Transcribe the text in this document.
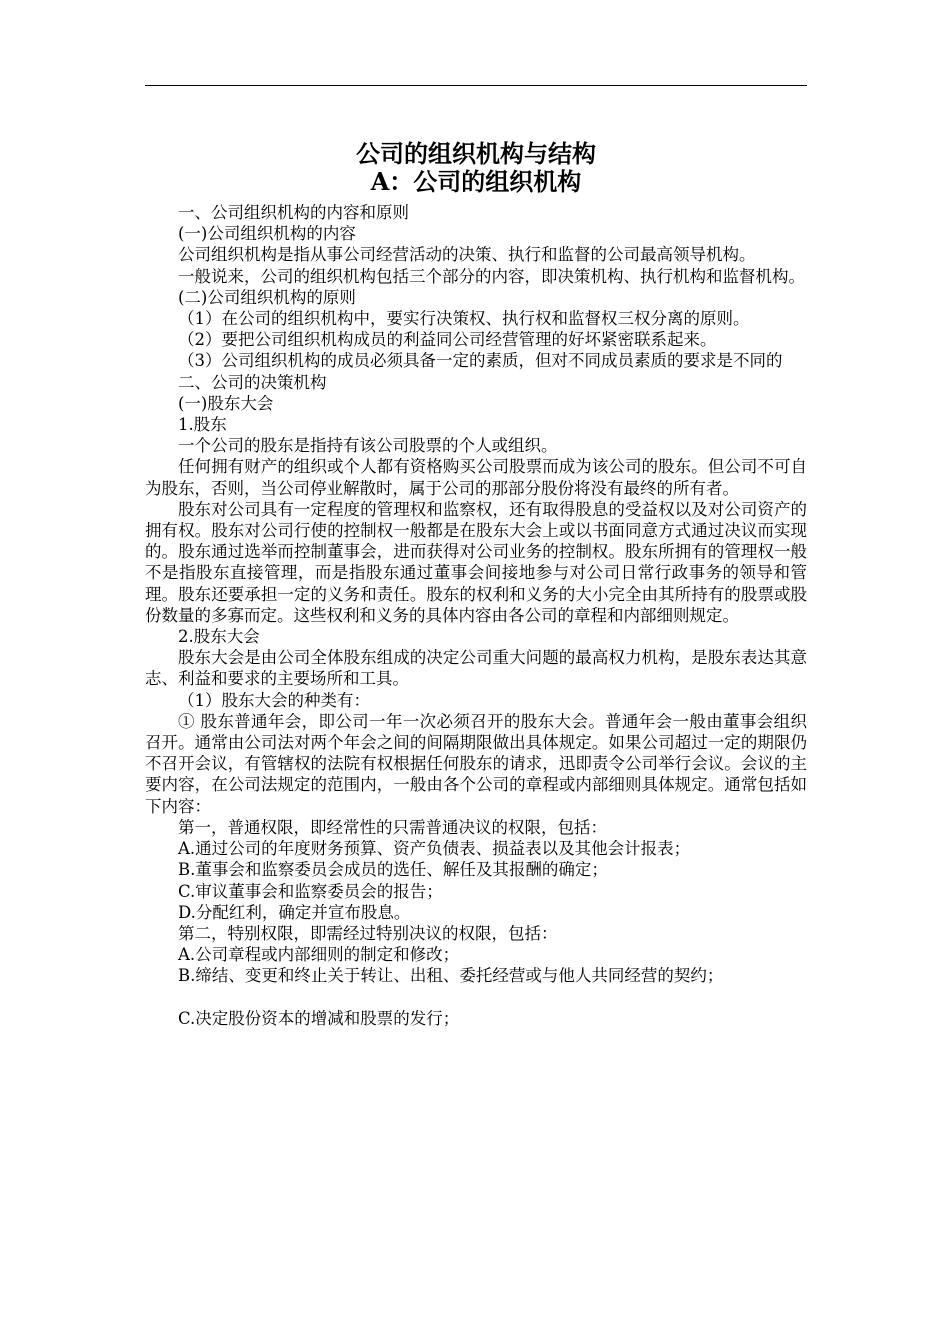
公司的组织机构与结构
A：公司的组织机构

一、公司组织机构的内容和原则

(一)公司组织机构的内容

公司组织机构是指从事公司经营活动的决策、执行和监督的公司最高领导机构。

一般说来，公司的组织机构包括三个部分的内容，即决策机构、执行机构和监督机构。

(二)公司组织机构的原则

（1）在公司的组织机构中，要实行决策权、执行权和监督权三权分离的原则。

（2）要把公司组织机构成员的利益同公司经营管理的好坏紧密联系起来。

（3）公司组织机构的成员必须具备一定的素质，但对不同成员素质的要求是不同的

二、公司的决策机构

(一)股东大会

1.股东

一个公司的股东是指持有该公司股票的个人或组织。

任何拥有财产的组织或个人都有资格购买公司股票而成为该公司的股东。但公司不可自为股东，否则，当公司停业解散时，属于公司的那部分股份将没有最终的所有者。

股东对公司具有一定程度的管理权和监察权，还有取得股息的受益权以及对公司资产的拥有权。股东对公司行使的控制权一般都是在股东大会上或以书面同意方式通过决议而实现的。股东通过选举而控制董事会，进而获得对公司业务的控制权。股东所拥有的管理权一般不是指股东直接管理，而是指股东通过董事会间接地参与对公司日常行政事务的领导和管理。股东还要承担一定的义务和责任。股东的权利和义务的大小完全由其所持有的股票或股份数量的多寡而定。这些权利和义务的具体内容由各公司的章程和内部细则规定。

2.股东大会

股东大会是由公司全体股东组成的决定公司重大问题的最高权力机构，是股东表达其意志、利益和要求的主要场所和工具。

（1）股东大会的种类有：

① 股东普通年会，即公司一年一次必须召开的股东大会。普通年会一般由董事会组织召开。通常由公司法对两个年会之间的间隔期限做出具体规定。如果公司超过一定的期限仍不召开会议，有管辖权的法院有权根据任何股东的请求，迅即责令公司举行会议。会议的主要内容，在公司法规定的范围内，一般由各个公司的章程或内部细则具体规定。通常包括如下内容：

第一，普通权限，即经常性的只需普通决议的权限，包括：

A.通过公司的年度财务预算、资产负债表、损益表以及其他会计报表；

B.董事会和监察委员会成员的选任、解任及其报酬的确定；

C.审议董事会和监察委员会的报告；

D.分配红利，确定并宣布股息。

第二，特别权限，即需经过特别决议的权限，包括：

A.公司章程或内部细则的制定和修改；

B.缔结、变更和终止关于转让、出租、委托经营或与他人共同经营的契约；

C.决定股份资本的增减和股票的发行；
